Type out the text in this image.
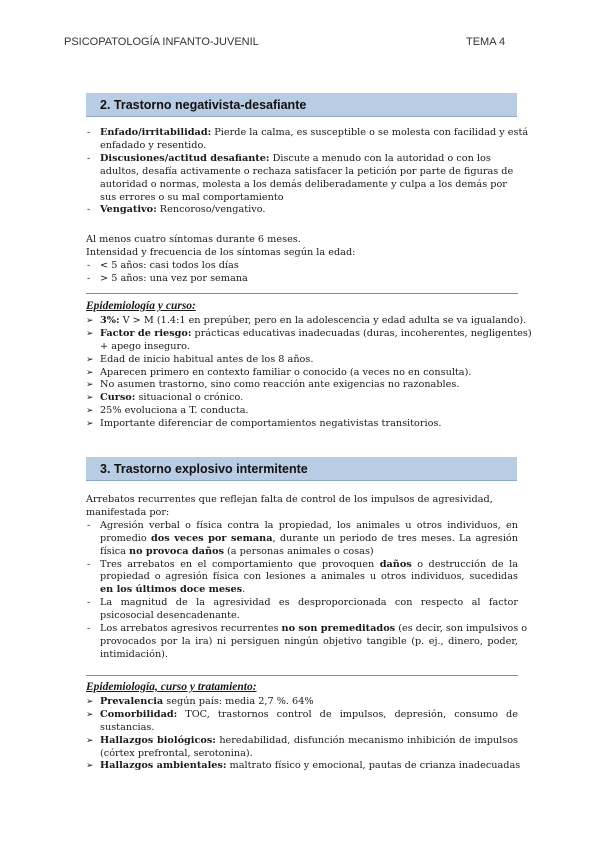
PSICOPATOLOGÍA INFANTO-JUVENIL	TEMA 4
2. Trastorno negativista-desafiante
- Enfado/irritabilidad: Pierde la calma, es susceptible o se molesta con facilidad y está
enfadado y resentido.
- Discusiones/actitud desafiante: Discute a menudo con la autoridad o con los
adultos, desafía activamente o rechaza satisfacer la petición por parte de figuras de
autoridad o normas, molesta a los demás deliberadamente y culpa a los demás por
sus errores o su mal comportamiento
- Vengativo: Rencoroso/vengativo.
Al menos cuatro síntomas durante 6 meses.
Intensidad y frecuencia de los síntomas según la edad:
- < 5 años: casi todos los días
- > 5 años: una vez por semana
Epidemiología y curso:
➢ 3%: V > M (1.4:1 en prepúber, pero en la adolescencia y edad adulta se va igualando).
➢ Factor de riesgo: prácticas educativas inadecuadas (duras, incoherentes, negligentes)
+ apego inseguro.
➢ Edad de inicio habitual antes de los 8 años.
➢ Aparecen primero en contexto familiar o conocido (a veces no en consulta).
➢ No asumen trastorno, sino como reacción ante exigencias no razonables.
➢ Curso: situacional o crónico.
➢ 25% evoluciona a T. conducta.
➢ Importante diferenciar de comportamientos negativistas transitorios.
3. Trastorno explosivo intermitente
Arrebatos recurrentes que reflejan falta de control de los impulsos de agresividad,
manifestada por:
- Agresión verbal o física contra la propiedad, los animales u otros individuos, en
promedio dos veces por semana, durante un periodo de tres meses. La agresión
física no provoca daños (a personas animales o cosas)
- Tres arrebatos en el comportamiento que provoquen daños o destrucción de la
propiedad o agresión física con lesiones a animales u otros individuos, sucedidas
en los últimos doce meses.
- La magnitud de la agresividad es desproporcionada con respecto al factor
psicosocial desencadenante.
- Los arrebatos agresivos recurrentes no son premeditados (es decir, son impulsivos o
provocados por la ira) ni persiguen ningún objetivo tangible (p. ej., dinero, poder,
intimidación).
Epidemiología, curso y tratamiento:
➢ Prevalencia según país: media 2,7 %. 64%
➢ Comorbilidad: TOC, trastornos control de impulsos, depresión, consumo de
sustancias.
➢ Hallazgos biológicos: heredabilidad, disfunción mecanismo inhibición de impulsos
(córtex prefrontal, serotonina).
➢ Hallazgos ambientales: maltrato físico y emocional, pautas de crianza inadecuadas
